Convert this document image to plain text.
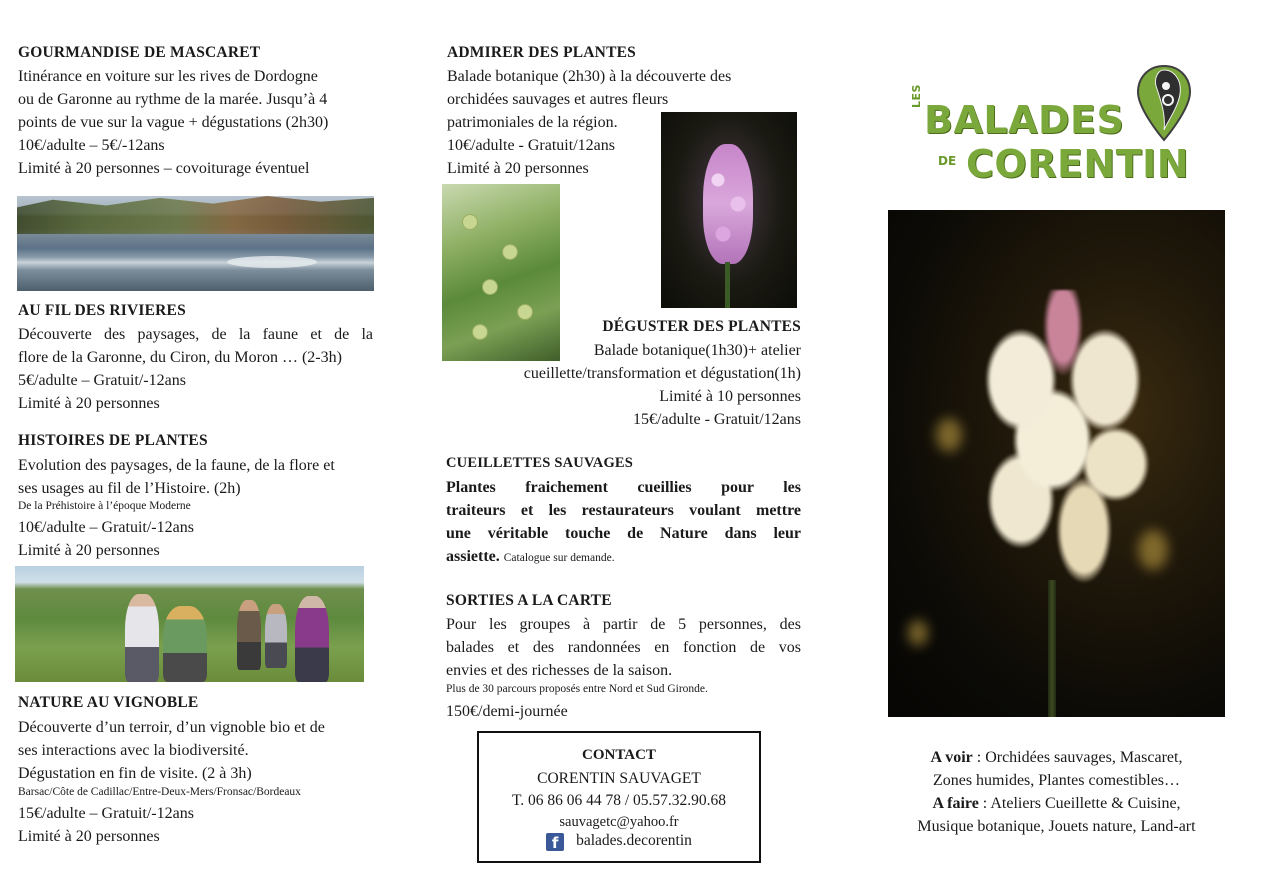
GOURMANDISE DE MASCARET

Itinérance en voiture sur les rives de Dordogne

ou de Garonne au rythme de la marée. Jusqu’à 4

points de vue sur la vague + dégustations (2h30)

10€/adulte – 5€/-12ans

Limité à 20 personnes – covoiturage éventuel

AU FIL DES RIVIERES

Découverte des paysages, de la faune et de la

flore de la Garonne, du Ciron, du Moron … (2-3h)

5€/adulte – Gratuit/-12ans

Limité à 20 personnes

HISTOIRES DE PLANTES

Evolution des paysages, de la faune, de la flore et

ses usages au fil de l’Histoire. (2h)

De la Préhistoire à l’époque Moderne

10€/adulte – Gratuit/-12ans

Limité à 20 personnes

NATURE AU VIGNOBLE

Découverte d’un terroir, d’un vignoble bio et de

ses interactions avec la biodiversité.

Dégustation en fin de visite. (2 à 3h)

Barsac/Côte de Cadillac/Entre-Deux-Mers/Fronsac/Bordeaux

15€/adulte – Gratuit/-12ans

Limité à 20 personnes

ADMIRER DES PLANTES

Balade botanique (2h30) à la découverte des

orchidées sauvages et autres fleurs

patrimoniales de la région.

10€/adulte - Gratuit/12ans

Limité à 20 personnes

DÉGUSTER DES PLANTES

Balade botanique(1h30)+ atelier

cueillette/transformation et dégustation(1h)

Limité à 10 personnes

15€/adulte - Gratuit/12ans

CUEILLETTES SAUVAGES

Plantes fraichement cueillies pour les

traiteurs et les restaurateurs voulant mettre

une véritable touche de Nature dans leur

assiette. Catalogue sur demande.

SORTIES A LA CARTE

Pour les groupes à partir de 5 personnes, des

balades et des randonnées en fonction de vos

envies et des richesses de la saison.

Plus de 30 parcours proposés entre Nord et Sud Gironde.

150€/demi-journée

CONTACT
CORENTIN SAUVAGET
T. 06 86 06 44 78 / 05.57.32.90.68
sauvagetc@yahoo.fr
f balades.decorentin
LES
BALADES
DE CORENTIN
A voir : Orchidées sauvages, Mascaret,
Zones humides, Plantes comestibles…
A faire : Ateliers Cueillette & Cuisine,
Musique botanique, Jouets nature, Land-art
